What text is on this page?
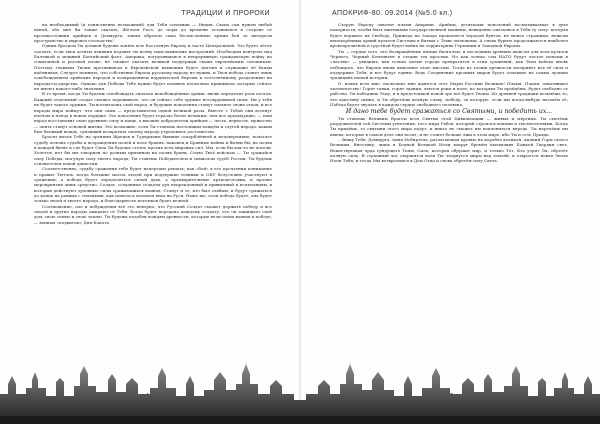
ТРАДИЦИИ И ПРОРОКИ

на необходимый (и единственно возможный) для Тебя основник — Индия. Своих сам нужен любой ценой, обо мне бы также сказать, Жёлтая Раса, до поры до времени оставшаяся в стороне от противостояния арийцев и Демиурга, таким образом сама бесчисленные армии бой за интересы пространство и мировое господство!

Одним броском Ты должен будешь занять всю Восточную Европу и часть Центральной. Это будет лёгче сделать, если твои агенты влияния подавят ты волну панславянских настроений. Необходим контроль над Балтикой и мощный Балтийский флот. Америка, погрузившаяся в непрерывную гражданскую войну на социальной и расовой почве, не сможет оказать великой поддержки своим европейским союзникам. Поэтому главным Твоим противником в Европейской кампании будет Англия и служащие её банды наёмников. Следует помнить, что собственно Европа русскому народу не нужна, и Твоя победа станет лишь освобождением арийских народов и возвращением нордической Европы к естественному разделению на народы-государства. Однако для Победы Тебе нужно будет помнить несколько принципов, которые сейчас не имеют какого-либо значения.

В то время, когда Ты будешь освобождать сначала непобеждённые армии, вновь определит роль поэтов. Каждый отдельный солдат сможет переживать, что он сейчас себе оружие несокрушимой силы. Ни у тебя не будет такого оружия. Ты воспитаешь свой народ, и будущие поколения станут сильнее своих отцов, и все народы мира поймут, что они сами — представители одной великой расы. Вместе с Тобой они встанут плечом к плечу в новом порядке. Это поколение будет гораздо более великим, чем все предыдущие, — наш народ восстановит свою древнюю силу и мощь, а высшие добродетели арийцев — честь, верность, мужество — опять станут основой жизни. Это возможно, если Ты станешь настоящим вождём и слугой народа, каким был Великий вождь, сумевший возвратить своему народу утраченное достоинство.

Бросят вызов Тебе на оргиями Жрецов и Гудерманы бывшие оскорблённой и недоверчивые, полагает судьбу хочешь судьбы и возрождения полей и поле бранях, наконец и Бранные войны и битвы бы, на полях в каждой битве и где будет Сила Ты будешь стоять против всех мировых сил. Мы, если бы как-то не хотели. Хочется, нет бы мы говорили по разным причинам на полях брани. Слово Твоё войскам — Ты сражайся силу Победы, могучую силу твоего народа, Ты станешь Победителем и символом судеб России, Ты будешь основателем новой династии.

Соответственно, судьбу сражения тебе будет начертано решать; как «бой» в его прочтении понимание и правил Тютчев, когда большие массы людей при поддержке техники и ОКУ безусловно участвуют в сражении, а победа будет определяться силой духа, а предварительные артподготовки, и прочие мероприятия лишь средство. Солдат, созданные солдаты дух непреклонный и привычный к испытаниям, в которых действуют духовные силы сражающихся воинов. Станут и те, кто был слабым, и будут сражаться до конца на равных с сильными, как повелось испокон века на Руси. Ныне же, если победа будет, она будет только твоей и твоего народа, и благодарность потомков будет вечной.

Соотношение, сил и побуждения всё это неверно, что Русский Солдат сможет держать победу и все людей и другие народы ожидают от Тебя. Когда будет передана каждому солдату, что он защищает свой дом, свою семью и свою землю. Ты будешь подобен вождям древности, которые вели своих воинов к победе, — воинам «подвигом» Дня-Коиота.

АПОКРИФ-80. 09.2014 (№5.0 кл.)

Старую Европу охватит пламя Анархии. Арийцы, десятками поколений воспитываемые в духе покорности, чтобы быть винтиками государственной машины, невиданно оказались в Тебя ту силу, которая будет вершить их Свободу. Пришедь на Запада прокатится чередой бунтов, не менее страшных, нежели непокорённых армий культов Системы в битвах с Теми легионами. А снова бурить продолжаются наиболее кровопролитной и грустной будет война на территориях Германии и Западной Европы.

Ты — сердце того, что Возвращённые немцы Валгаллы, и последним древним шансом для всех культов Черного, Черный Континент в стадии тех простых. Но как только сам НАТО будут частое помощь в «частях» — увидишь, как только целые города прекратятся в огни сражений, как Твои войска вновь побеждать, что Европа вновь выполнит свою миссию. Тогда из толщи древности воспрянет вся её сила и поддержит Тебя, и все будут едины: Ведь Соединение прочных миров будет основано на самых лучших традициях нашей истории.

О, новых всех мне, насколько мне кажется этот Марш Россиян Великих! Пламя. Пламя, охватившее человечество! Горят танки, горят здания, льются реки и поле, по которым Ты пройдёшь, будет свободно от рабства. Ты победишь Тьму, и в предстоящей новой эре всё будет Твоим. Из древней традиции возьмёшь то, что воистину ценно, и Ты обретёшь вечную славу, победу, за которую, если мы когда-нибудь назовём её, Победа будет звучать в каждом сердце свободного человека.

И дано тебе будет сражаться со Святыми, и победить их...

Ты станешь Великим Врагом всех Святых этой Цивилизации — живых и мёртвых. Ты сметёшь разрушителей той Системы угнетения, того мира Рабов, который строился веками и тысячелетиями. Когда Ты придёшь, то святыни этого мира падут, и никто не сможет им поклониться впредь. Ты наречёшь им имена, которые в самом деле они носят, и не станет больше лжи в этом мире, ибо Ты и есть Правда.

…Вижу Тебя, Демиурга, Анна-Исбиртель, разлагающая кровью на корабле великой. Андний Горы своего Великим. Внестину, лишь в Бедной Великой Ночи вокруг бремён пылающих Божьей Гвардии свет, Воинствующая орда грядущего Тьмы, Сила, которая обрушит мир, и только Тот, Кто узрит Ты, обретёт полную силу. В страшный час свершится воля Ты: взорвутся миры над землёй, и откроется новая Эпоха Ночи Тебя, и тогда Мы возвратимся в Дом Отца и снова обретём силу Света.
